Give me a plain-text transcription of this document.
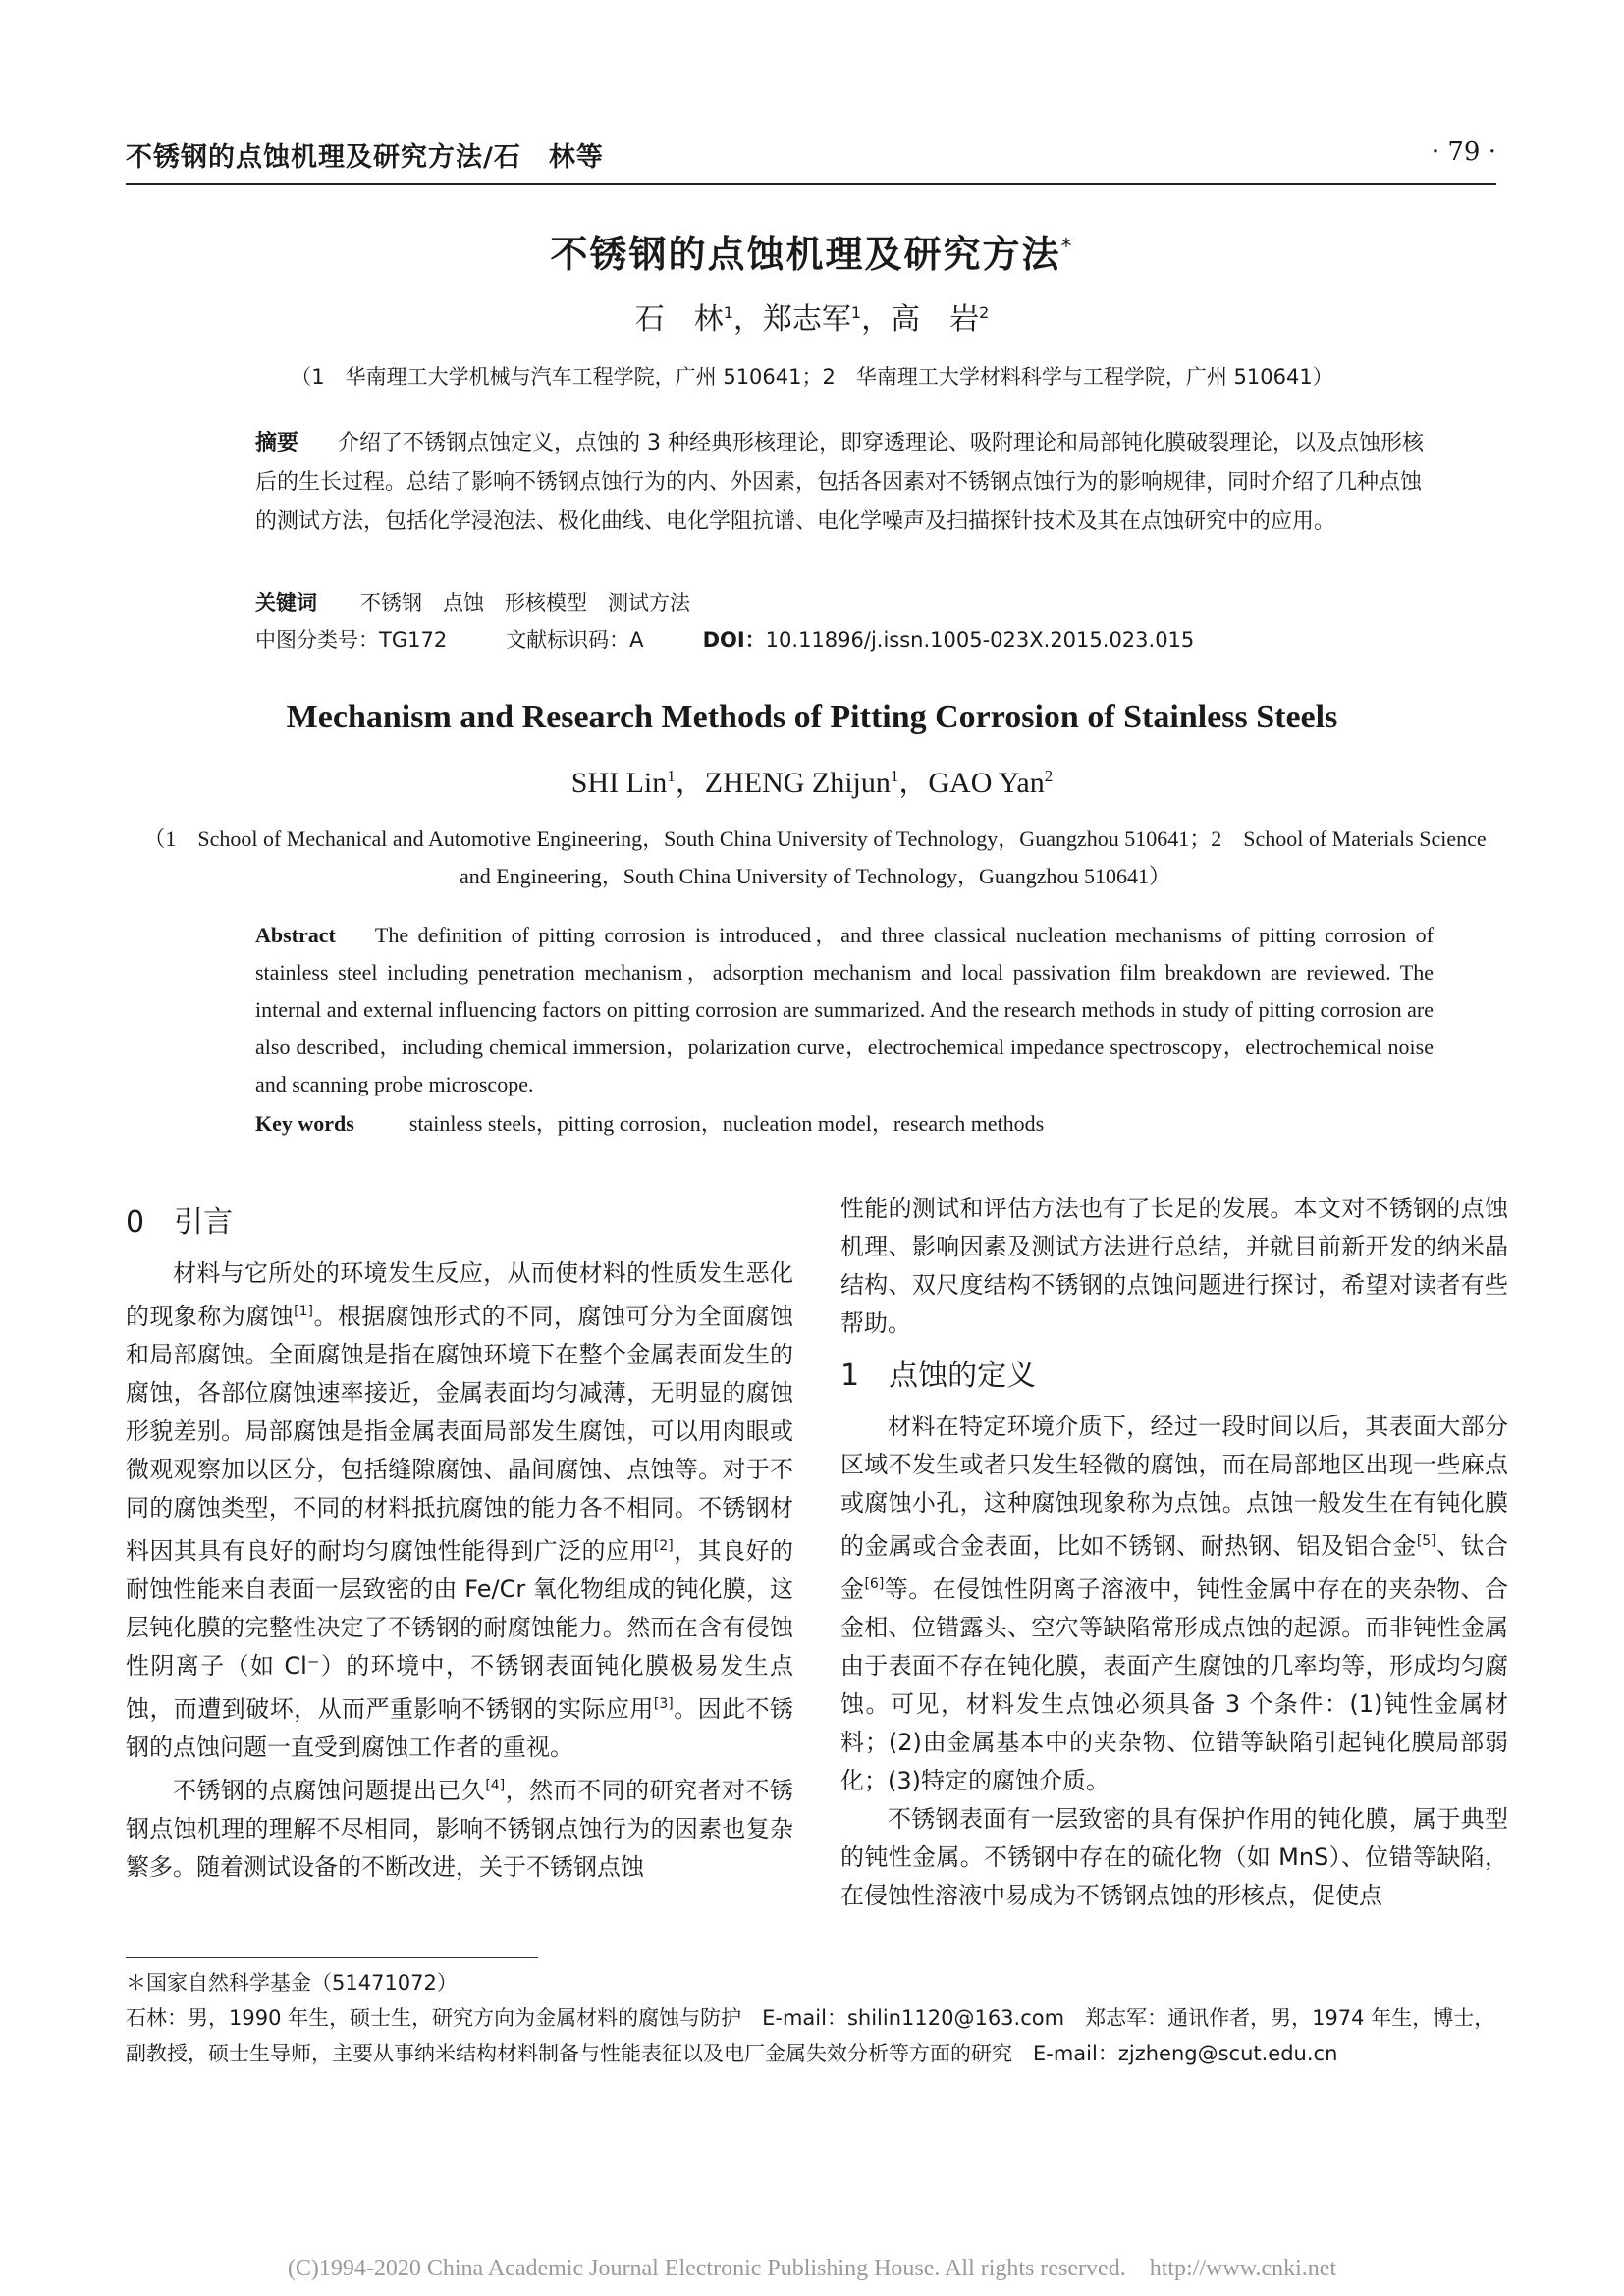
不锈钢的点蚀机理及研究方法/石　林等	· 79 ·
不锈钢的点蚀机理及研究方法*
石　林$^1$，郑志军$^1$，高　岩$^2$
（1　华南理工大学机械与汽车工程学院，广州 510641；2　华南理工大学材料科学与工程学院，广州 510641）
摘要 介绍了不锈钢点蚀定义，点蚀的 3 种经典形核理论，即穿透理论、吸附理论和局部钝化膜破裂理论，以及点蚀形核后的生长过程。总结了影响不锈钢点蚀行为的内、外因素，包括各因素对不锈钢点蚀行为的影响规律，同时介绍了几种点蚀的测试方法，包括化学浸泡法、极化曲线、电化学阻抗谱、电化学噪声及扫描探针技术及其在点蚀研究中的应用。
关键词 不锈钢　点蚀　形核模型　测试方法
中图分类号：TG172	文献标识码：A	DOI：10.11896/j.issn.1005-023X.2015.023.015
Mechanism and Research Methods of Pitting Corrosion of Stainless Steels
SHI Lin$^1$，ZHENG Zhijun$^1$，GAO Yan$^2$
（1　School of Mechanical and Automotive Engineering，South China University of Technology，Guangzhou 510641；2　School of Materials Science and Engineering，South China University of Technology，Guangzhou 510641）
Abstract The definition of pitting corrosion is introduced，and three classical nucleation mechanisms of pitting corrosion of stainless steel including penetration mechanism，adsorption mechanism and local passivation film breakdown are reviewed. The internal and external influencing factors on pitting corrosion are summarized. And the research methods in study of pitting corrosion are also described，including chemical immersion，polarization curve，electrochemical impedance spectroscopy，electrochemical noise and scanning probe microscope.
Key words	stainless steels，pitting corrosion，nucleation model，research methods
0 引言

材料与它所处的环境发生反应，从而使材料的性质发生恶化的现象称为腐蚀[1]。根据腐蚀形式的不同，腐蚀可分为全面腐蚀和局部腐蚀。全面腐蚀是指在腐蚀环境下在整个金属表面发生的腐蚀，各部位腐蚀速率接近，金属表面均匀减薄，无明显的腐蚀形貌差别。局部腐蚀是指金属表面局部发生腐蚀，可以用肉眼或微观观察加以区分，包括缝隙腐蚀、晶间腐蚀、点蚀等。对于不同的腐蚀类型，不同的材料抵抗腐蚀的能力各不相同。不锈钢材料因其具有良好的耐均匀腐蚀性能得到广泛的应用[2]，其良好的耐蚀性能来自表面一层致密的由 Fe/Cr 氧化物组成的钝化膜，这层钝化膜的完整性决定了不锈钢的耐腐蚀能力。然而在含有侵蚀性阴离子（如 Cl⁻）的环境中，不锈钢表面钝化膜极易发生点蚀，而遭到破坏，从而严重影响不锈钢的实际应用[3]。因此不锈钢的点蚀问题一直受到腐蚀工作者的重视。

不锈钢的点腐蚀问题提出已久[4]，然而不同的研究者对不锈钢点蚀机理的理解不尽相同，影响不锈钢点蚀行为的因素也复杂繁多。随着测试设备的不断改进，关于不锈钢点蚀

性能的测试和评估方法也有了长足的发展。本文对不锈钢的点蚀机理、影响因素及测试方法进行总结，并就目前新开发的纳米晶结构、双尺度结构不锈钢的点蚀问题进行探讨，希望对读者有些帮助。

1 点蚀的定义

材料在特定环境介质下，经过一段时间以后，其表面大部分区域不发生或者只发生轻微的腐蚀，而在局部地区出现一些麻点或腐蚀小孔，这种腐蚀现象称为点蚀。点蚀一般发生在有钝化膜的金属或合金表面，比如不锈钢、耐热钢、铝及铝合金[5]、钛合金[6]等。在侵蚀性阴离子溶液中，钝性金属中存在的夹杂物、合金相、位错露头、空穴等缺陷常形成点蚀的起源。而非钝性金属由于表面不存在钝化膜，表面产生腐蚀的几率均等，形成均匀腐蚀。可见，材料发生点蚀必须具备 3 个条件：(1)钝性金属材料；(2)由金属基本中的夹杂物、位错等缺陷引起钝化膜局部弱化；(3)特定的腐蚀介质。

不锈钢表面有一层致密的具有保护作用的钝化膜，属于典型的钝性金属。不锈钢中存在的硫化物（如 MnS）、位错等缺陷，在侵蚀性溶液中易成为不锈钢点蚀的形核点，促使点

＊国家自然科学基金（51471072）

石林：男，1990 年生，硕士生，研究方向为金属材料的腐蚀与防护　E-mail：shilin1120@163.com　郑志军：通讯作者，男，1974 年生，博士，副教授，硕士生导师，主要从事纳米结构材料制备与性能表征以及电厂金属失效分析等方面的研究　E-mail：zjzheng@scut.edu.cn

(C)1994-2020 China Academic Journal Electronic Publishing House. All rights reserved.　http://www.cnki.net
